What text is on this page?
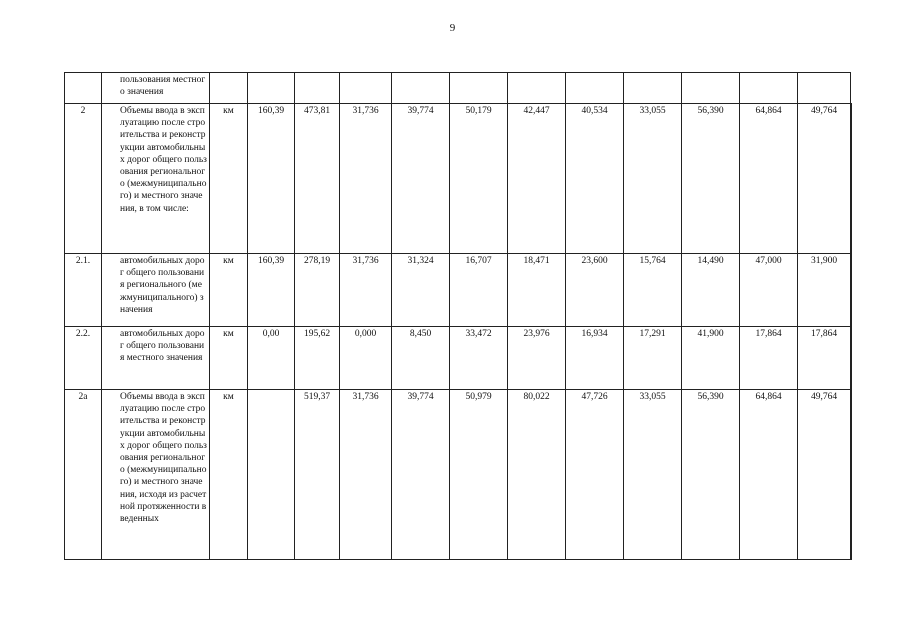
9
	пользования местного значения													
2	Объемы ввода в эксплуатацию после строительства и реконструкции автомобильных дорог общего пользования регионального (межмуниципального) и местного значения, в том числе:	км	160,39	473,81	31,736	39,774	50,179	42,447	40,534	33,055	56,390	64,864	49,764	
2.1.	автомобильных дорог общего пользования регионального (межмуниципального) значения	км	160,39	278,19	31,736	31,324	16,707	18,471	23,600	15,764	14,490	47,000	31,900	
2.2.	автомобильных дорог общего пользования местного значения	км	0,00	195,62	0,000	8,450	33,472	23,976	16,934	17,291	41,900	17,864	17,864	
2а	Объемы ввода в эксплуатацию после строительства и реконструкции автомобильных дорог общего пользования регионального (межмуниципального) и местного значения, исходя из расчетной протяженности введенных	км		519,37	31,736	39,774	50,979	80,022	47,726	33,055	56,390	64,864	49,764	
